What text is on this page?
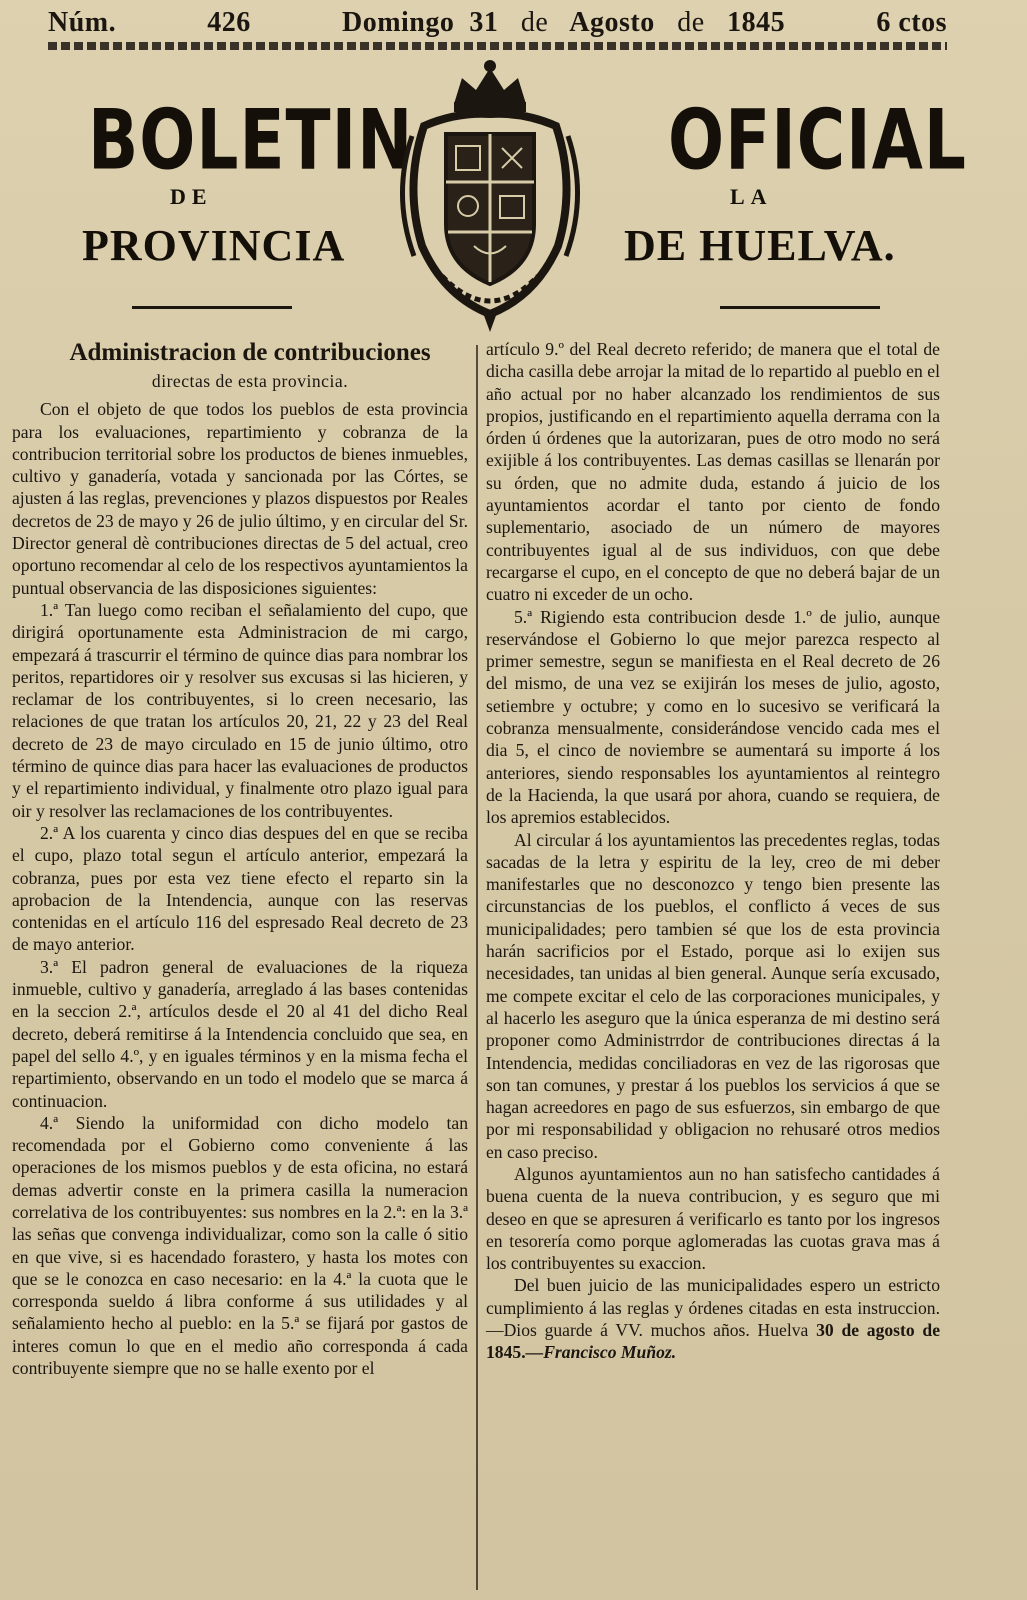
Núm.	426	Domingo 31 de Agosto de 1845	6 ctos
BOLETIN	OFICIAL
DE	LA
PROVINCIA	DE HUELVA.
Administracion de contribuciones
directas de esta provincia.

Con el objeto de que todos los pueblos de esta provincia para los evaluaciones, repartimiento y cobranza de la contribucion territorial sobre los productos de bienes inmuebles, cultivo y ganadería, votada y sancionada por las Córtes, se ajusten á las reglas, prevenciones y plazos dispuestos por Reales decretos de 23 de mayo y 26 de julio último, y en circular del Sr. Director general dè contribuciones directas de 5 del actual, creo oportuno recomendar al celo de los respectivos ayuntamientos la puntual observancia de las disposiciones siguientes:

1.ª Tan luego como reciban el señalamiento del cupo, que dirigirá oportunamente esta Administracion de mi cargo, empezará á trascurrir el término de quince dias para nombrar los peritos, repartidores oir y resolver sus excusas si las hicieren, y reclamar de los contribuyentes, si lo creen necesario, las relaciones de que tratan los artículos 20, 21, 22 y 23 del Real decreto de 23 de mayo circulado en 15 de junio último, otro término de quince dias para hacer las evaluaciones de productos y el repartimiento individual, y finalmente otro plazo igual para oir y resolver las reclamaciones de los contribuyentes.

2.ª A los cuarenta y cinco dias despues del en que se reciba el cupo, plazo total segun el artículo anterior, empezará la cobranza, pues por esta vez tiene efecto el reparto sin la aprobacion de la Intendencia, aunque con las reservas contenidas en el artículo 116 del espresado Real decreto de 23 de mayo anterior.

3.ª El padron general de evaluaciones de la riqueza inmueble, cultivo y ganadería, arreglado á las bases contenidas en la seccion 2.ª, artículos desde el 20 al 41 del dicho Real decreto, deberá remitirse á la Intendencia concluido que sea, en papel del sello 4.º, y en iguales términos y en la misma fecha el repartimiento, observando en un todo el modelo que se marca á continuacion.

4.ª Siendo la uniformidad con dicho modelo tan recomendada por el Gobierno como conveniente á las operaciones de los mismos pueblos y de esta oficina, no estará demas advertir conste en la primera casilla la numeracion correlativa de los contribuyentes: sus nombres en la 2.ª: en la 3.ª las señas que convenga individualizar, como son la calle ó sitio en que vive, si es hacendado forastero, y hasta los motes con que se le conozca en caso necesario: en la 4.ª la cuota que le corresponda sueldo á libra conforme á sus utilidades y al señalamiento hecho al pueblo: en la 5.ª se fijará por gastos de interes comun lo que en el medio año corresponda á cada contribuyente siempre que no se halle exento por el

artículo 9.º del Real decreto referido; de manera que el total de dicha casilla debe arrojar la mitad de lo repartido al pueblo en el año actual por no haber alcanzado los rendimientos de sus propios, justificando en el repartimiento aquella derrama con la órden ú órdenes que la autorizaran, pues de otro modo no será exijible á los contribuyentes. Las demas casillas se llenarán por su órden, que no admite duda, estando á juicio de los ayuntamientos acordar el tanto por ciento de fondo suplementario, asociado de un número de mayores contribuyentes igual al de sus individuos, con que debe recargarse el cupo, en el concepto de que no deberá bajar de un cuatro ni exceder de un ocho.

5.ª Rigiendo esta contribucion desde 1.º de julio, aunque reservándose el Gobierno lo que mejor parezca respecto al primer semestre, segun se manifiesta en el Real decreto de 26 del mismo, de una vez se exijirán los meses de julio, agosto, setiembre y octubre; y como en lo sucesivo se verificará la cobranza mensualmente, considerándose vencido cada mes el dia 5, el cinco de noviembre se aumentará su importe á los anteriores, siendo responsables los ayuntamientos al reintegro de la Hacienda, la que usará por ahora, cuando se requiera, de los apremios establecidos.

Al circular á los ayuntamientos las precedentes reglas, todas sacadas de la letra y espiritu de la ley, creo de mi deber manifestarles que no desconozco y tengo bien presente las circunstancias de los pueblos, el conflicto á veces de sus municipalidades; pero tambien sé que los de esta provincia harán sacrificios por el Estado, porque asi lo exijen sus necesidades, tan unidas al bien general. Aunque sería excusado, me compete excitar el celo de las corporaciones municipales, y al hacerlo les aseguro que la única esperanza de mi destino será proponer como Administrrdor de contribuciones directas á la Intendencia, medidas conciliadoras en vez de las rigorosas que son tan comunes, y prestar á los pueblos los servicios á que se hagan acreedores en pago de sus esfuerzos, sin embargo de que por mi responsabilidad y obligacion no rehusaré otros medios en caso preciso.

Algunos ayuntamientos aun no han satisfecho cantidades á buena cuenta de la nueva contribucion, y es seguro que mi deseo en que se apresuren á verificarlo es tanto por los ingresos en tesorería como porque aglomeradas las cuotas grava mas á los contribuyentes su exaccion.

Del buen juicio de las municipalidades espero un estricto cumplimiento á las reglas y órdenes citadas en esta instruccion.—Dios guarde á VV. muchos años. Huelva 30 de agosto de 1845.—Francisco Muñoz.
